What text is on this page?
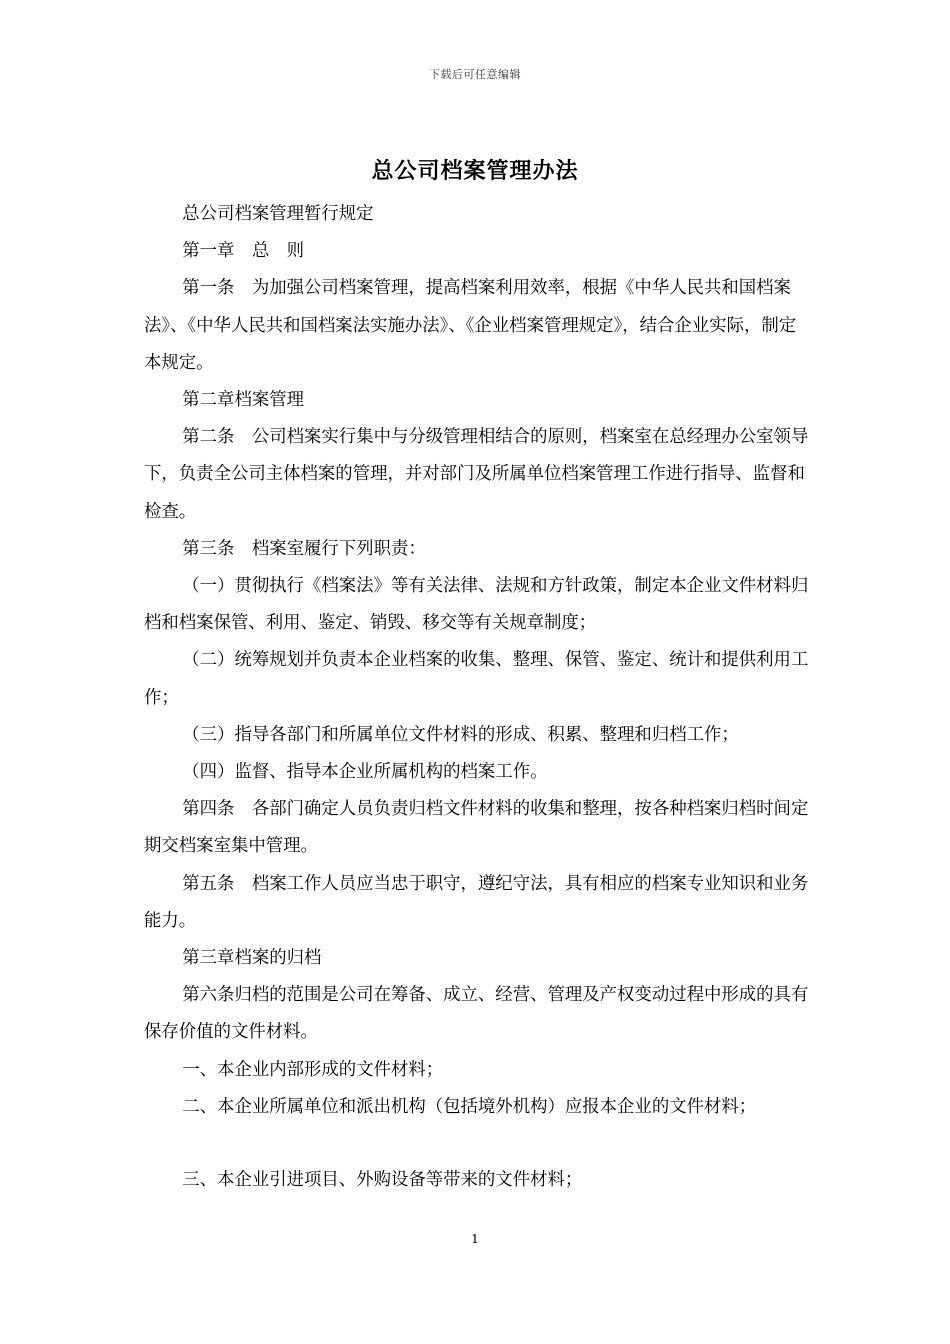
下载后可任意编辑
总公司档案管理办法

总公司档案管理暂行规定

第一章　总　则

第一条　为加强公司档案管理，提高档案利用效率，根据《中华人民共和国档案法》、《中华人民共和国档案法实施办法》、《企业档案管理规定》，结合企业实际，制定本规定。

第二章档案管理

第二条　公司档案实行集中与分级管理相结合的原则，档案室在总经理办公室领导下，负责全公司主体档案的管理，并对部门及所属单位档案管理工作进行指导、监督和检查。

第三条　档案室履行下列职责：

（一）贯彻执行《档案法》等有关法律、法规和方针政策，制定本企业文件材料归档和档案保管、利用、鉴定、销毁、移交等有关规章制度；

（二）统筹规划并负责本企业档案的收集、整理、保管、鉴定、统计和提供利用工作；

（三）指导各部门和所属单位文件材料的形成、积累、整理和归档工作；

（四）监督、指导本企业所属机构的档案工作。

第四条　各部门确定人员负责归档文件材料的收集和整理，按各种档案归档时间定期交档案室集中管理。

第五条　档案工作人员应当忠于职守，遵纪守法，具有相应的档案专业知识和业务能力。

第三章档案的归档

第六条归档的范围是公司在筹备、成立、经营、管理及产权变动过程中形成的具有保存价值的文件材料。

一、本企业内部形成的文件材料；

二、本企业所属单位和派出机构（包括境外机构）应报本企业的文件材料；

三、本企业引进项目、外购设备等带来的文件材料；

1
